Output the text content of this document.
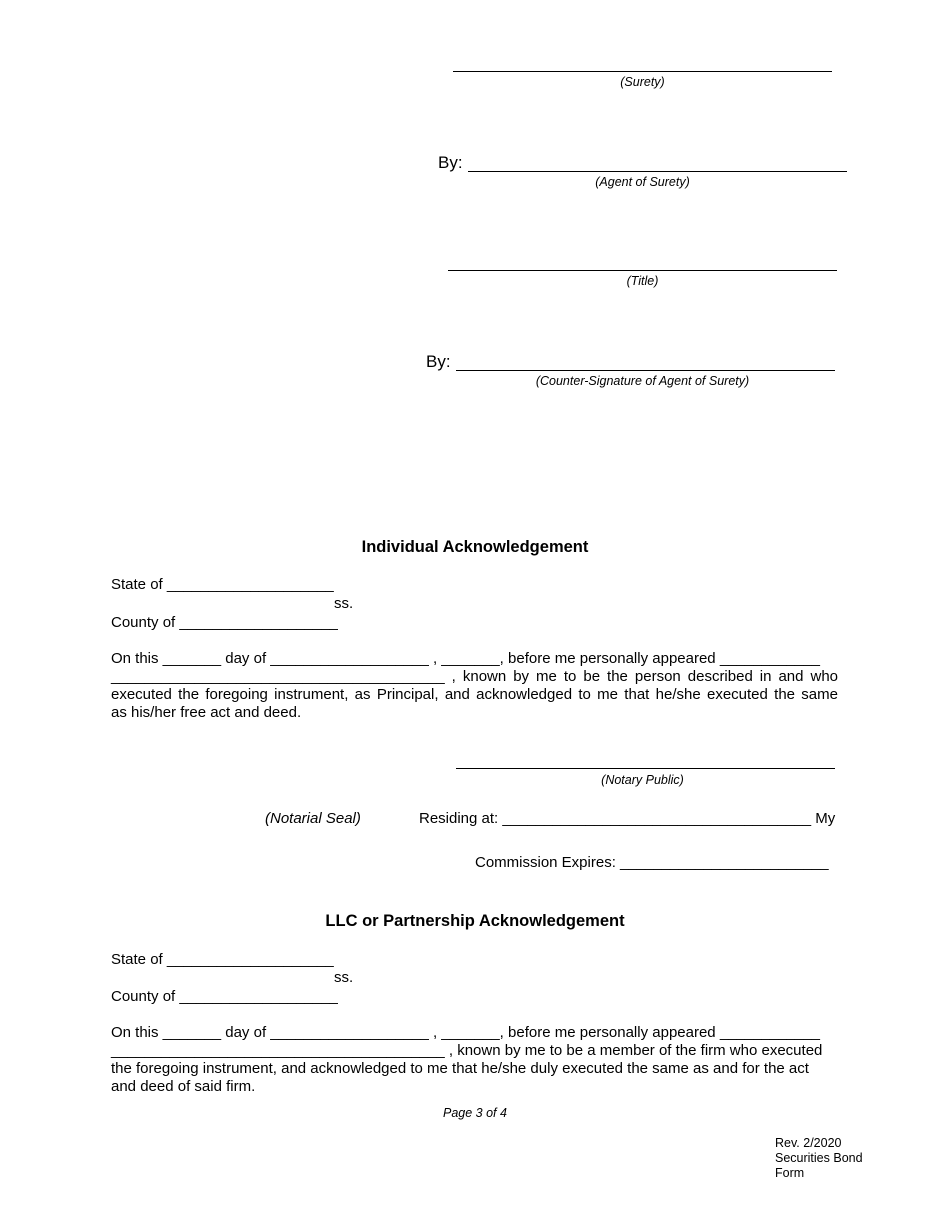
(Surety)
By:
(Agent of Surety)
(Title)
By:
(Counter-Signature of Agent of Surety)
Individual Acknowledgement
State of ____________________
ss.
County of ___________________
On this _______ day of ___________________ , _______, before me personally appeared ____________
________________________________________ , known by me to be the person described in and who
executed the foregoing instrument, as Principal, and acknowledged to me that he/she executed the same
as his/her free act and deed.
(Notary Public)
(Notarial Seal)	Residing at: _____________________________________ My
Commission Expires: _________________________
LLC or Partnership Acknowledgement
State of ____________________
ss.
County of ___________________
On this _______ day of ___________________ , _______, before me personally appeared ____________
________________________________________ , known by me to be a member of the firm who executed
the foregoing instrument, and acknowledged to me that he/she duly executed the same as and for the act
and deed of said firm.
Page 3 of 4
Rev. 2/2020
Securities Bond
Form
